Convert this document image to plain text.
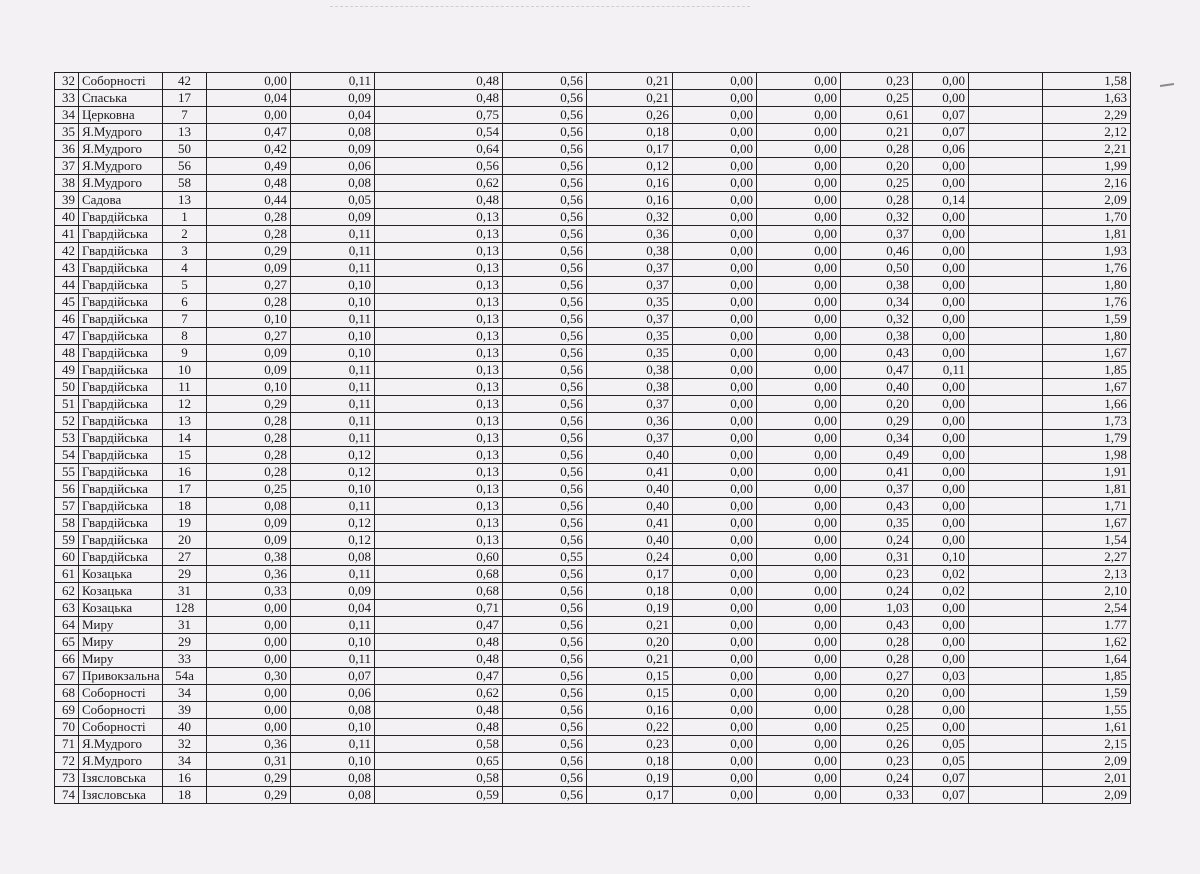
32	Соборності	42	0,00	0,11	0,48	0,56	0,21	0,00	0,00	0,23	0,00		1,58
33	Спаська	17	0,04	0,09	0,48	0,56	0,21	0,00	0,00	0,25	0,00		1,63
34	Церковна	7	0,00	0,04	0,75	0,56	0,26	0,00	0,00	0,61	0,07		2,29
35	Я.Мудрого	13	0,47	0,08	0,54	0,56	0,18	0,00	0,00	0,21	0,07		2,12
36	Я.Мудрого	50	0,42	0,09	0,64	0,56	0,17	0,00	0,00	0,28	0,06		2,21
37	Я.Мудрого	56	0,49	0,06	0,56	0,56	0,12	0,00	0,00	0,20	0,00		1,99
38	Я.Мудрого	58	0,48	0,08	0,62	0,56	0,16	0,00	0,00	0,25	0,00		2,16
39	Садова	13	0,44	0,05	0,48	0,56	0,16	0,00	0,00	0,28	0,14		2,09
40	Гвардійська	1	0,28	0,09	0,13	0,56	0,32	0,00	0,00	0,32	0,00		1,70
41	Гвардійська	2	0,28	0,11	0,13	0,56	0,36	0,00	0,00	0,37	0,00		1,81
42	Гвардійська	3	0,29	0,11	0,13	0,56	0,38	0,00	0,00	0,46	0,00		1,93
43	Гвардійська	4	0,09	0,11	0,13	0,56	0,37	0,00	0,00	0,50	0,00		1,76
44	Гвардійська	5	0,27	0,10	0,13	0,56	0,37	0,00	0,00	0,38	0,00		1,80
45	Гвардійська	6	0,28	0,10	0,13	0,56	0,35	0,00	0,00	0,34	0,00		1,76
46	Гвардійська	7	0,10	0,11	0,13	0,56	0,37	0,00	0,00	0,32	0,00		1,59
47	Гвардійська	8	0,27	0,10	0,13	0,56	0,35	0,00	0,00	0,38	0,00		1,80
48	Гвардійська	9	0,09	0,10	0,13	0,56	0,35	0,00	0,00	0,43	0,00		1,67
49	Гвардійська	10	0,09	0,11	0,13	0,56	0,38	0,00	0,00	0,47	0,11		1,85
50	Гвардійська	11	0,10	0,11	0,13	0,56	0,38	0,00	0,00	0,40	0,00		1,67
51	Гвардійська	12	0,29	0,11	0,13	0,56	0,37	0,00	0,00	0,20	0,00		1,66
52	Гвардійська	13	0,28	0,11	0,13	0,56	0,36	0,00	0,00	0,29	0,00		1,73
53	Гвардійська	14	0,28	0,11	0,13	0,56	0,37	0,00	0,00	0,34	0,00		1,79
54	Гвардійська	15	0,28	0,12	0,13	0,56	0,40	0,00	0,00	0,49	0,00		1,98
55	Гвардійська	16	0,28	0,12	0,13	0,56	0,41	0,00	0,00	0,41	0,00		1,91
56	Гвардійська	17	0,25	0,10	0,13	0,56	0,40	0,00	0,00	0,37	0,00		1,81
57	Гвардійська	18	0,08	0,11	0,13	0,56	0,40	0,00	0,00	0,43	0,00		1,71
58	Гвардійська	19	0,09	0,12	0,13	0,56	0,41	0,00	0,00	0,35	0,00		1,67
59	Гвардійська	20	0,09	0,12	0,13	0,56	0,40	0,00	0,00	0,24	0,00		1,54
60	Гвардійська	27	0,38	0,08	0,60	0,55	0,24	0,00	0,00	0,31	0,10		2,27
61	Козацька	29	0,36	0,11	0,68	0,56	0,17	0,00	0,00	0,23	0,02		2,13
62	Козацька	31	0,33	0,09	0,68	0,56	0,18	0,00	0,00	0,24	0,02		2,10
63	Козацька	128	0,00	0,04	0,71	0,56	0,19	0,00	0,00	1,03	0,00		2,54
64	Миру	31	0,00	0,11	0,47	0,56	0,21	0,00	0,00	0,43	0,00		1.77
65	Миру	29	0,00	0,10	0,48	0,56	0,20	0,00	0,00	0,28	0,00		1,62
66	Миру	33	0,00	0,11	0,48	0,56	0,21	0,00	0,00	0,28	0,00		1,64
67	Привокзальна	54а	0,30	0,07	0,47	0,56	0,15	0,00	0,00	0,27	0,03		1,85
68	Соборності	34	0,00	0,06	0,62	0,56	0,15	0,00	0,00	0,20	0,00		1,59
69	Соборності	39	0,00	0,08	0,48	0,56	0,16	0,00	0,00	0,28	0,00		1,55
70	Соборності	40	0,00	0,10	0,48	0,56	0,22	0,00	0,00	0,25	0,00		1,61
71	Я.Мудрого	32	0,36	0,11	0,58	0,56	0,23	0,00	0,00	0,26	0,05		2,15
72	Я.Мудрого	34	0,31	0,10	0,65	0,56	0,18	0,00	0,00	0,23	0,05		2,09
73	Ізясловська	16	0,29	0,08	0,58	0,56	0,19	0,00	0,00	0,24	0,07		2,01
74	Ізясловська	18	0,29	0,08	0,59	0,56	0,17	0,00	0,00	0,33	0,07		2,09
